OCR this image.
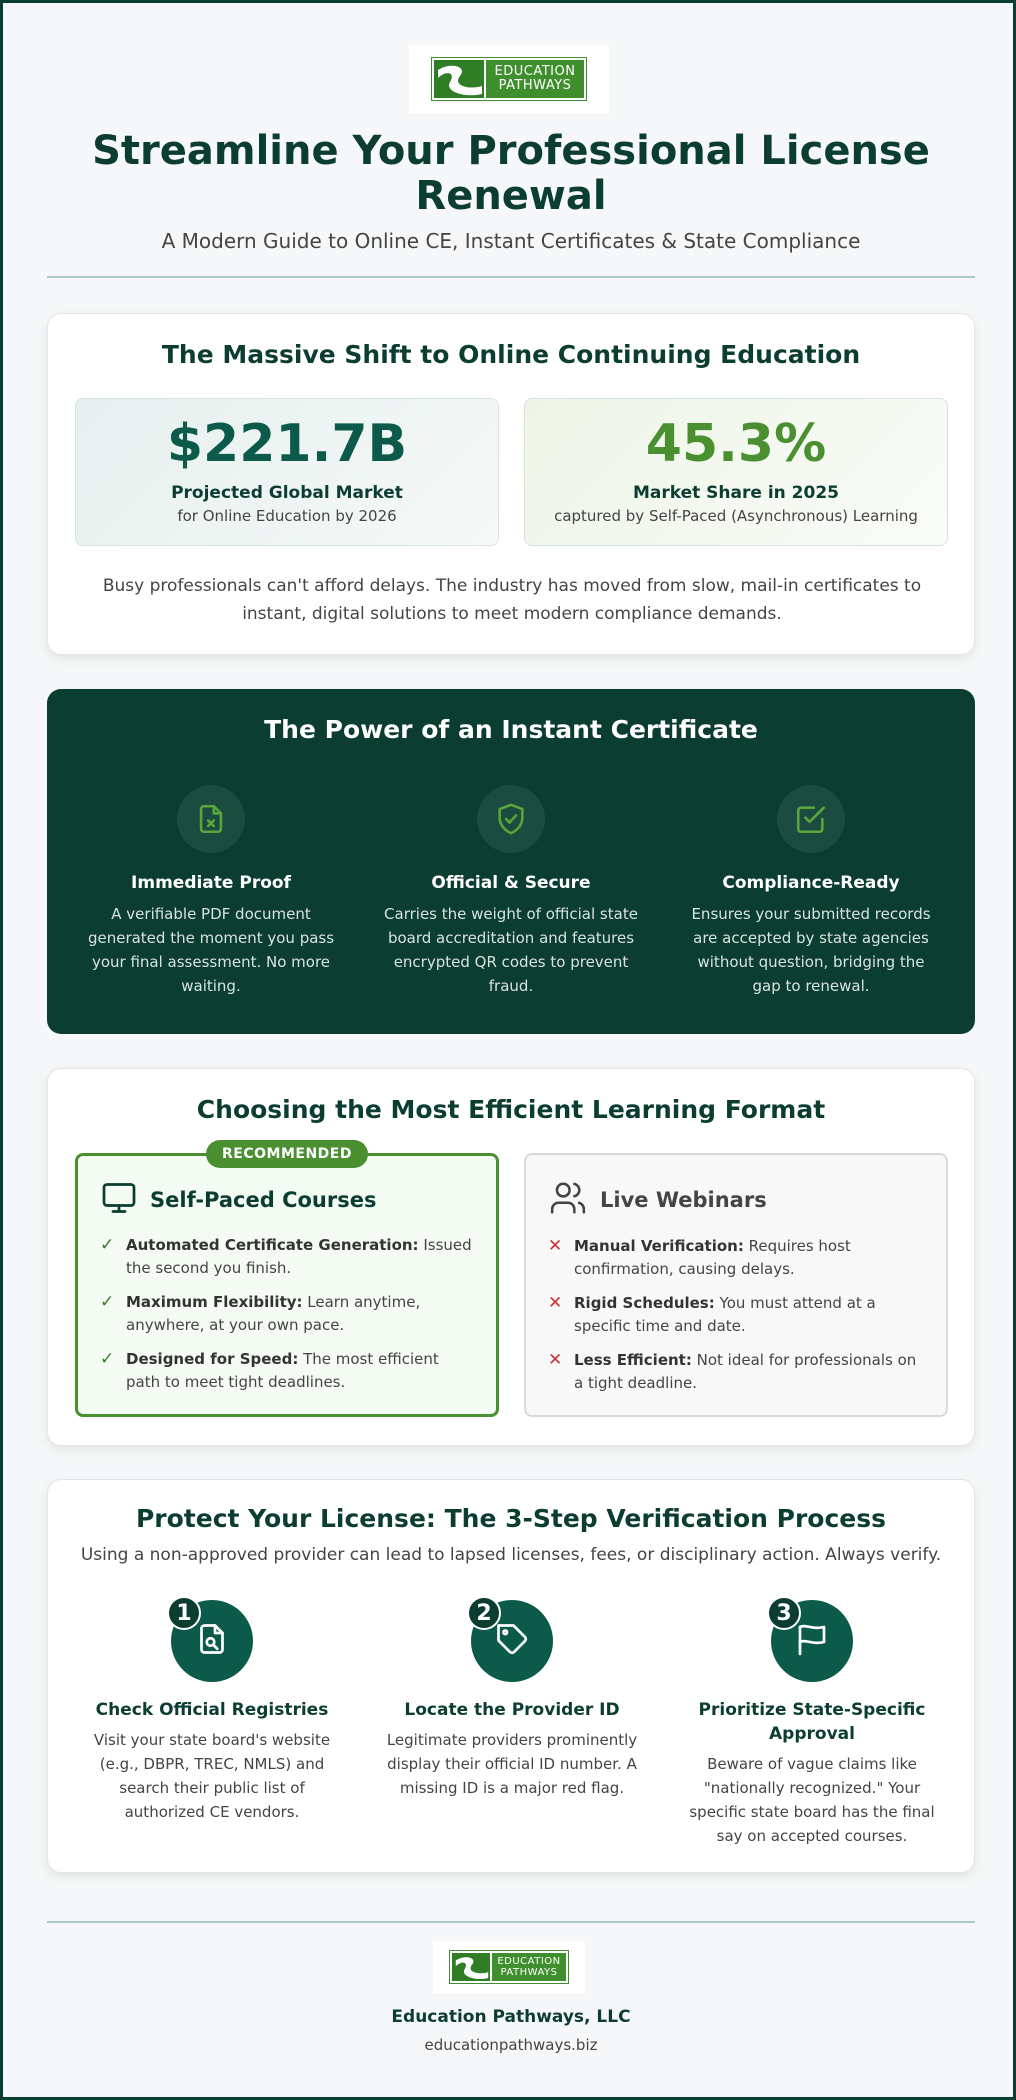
EDUCATION
PATHWAYS
Streamline Your Professional License Renewal
A Modern Guide to Online CE, Instant Certificates & State Compliance
The Massive Shift to Online Continuing Education
$221.7B
Projected Global Market
for Online Education by 2026
45.3%
Market Share in 2025
captured by Self-Paced (Asynchronous) Learning
Busy professionals can't afford delays. The industry has moved from slow, mail-in certificates to instant, digital solutions to meet modern compliance demands.
The Power of an Instant Certificate
Immediate Proof
A verifiable PDF document generated the moment you pass your final assessment. No more waiting.
Official & Secure
Carries the weight of official state board accreditation and features encrypted QR codes to prevent fraud.
Compliance-Ready
Ensures your submitted records are accepted by state agencies without question, bridging the gap to renewal.
Choosing the Most Efficient Learning Format
RECOMMENDED
Self-Paced Courses
✓ Automated Certificate Generation: Issued the second you finish.
✓ Maximum Flexibility: Learn anytime, anywhere, at your own pace.
✓ Designed for Speed: The most efficient path to meet tight deadlines.
Live Webinars
✕ Manual Verification: Requires host confirmation, causing delays.
✕ Rigid Schedules: You must attend at a specific time and date.
✕ Less Efficient: Not ideal for professionals on a tight deadline.
Protect Your License: The 3-Step Verification Process
Using a non-approved provider can lead to lapsed licenses, fees, or disciplinary action. Always verify.
1
Check Official Registries
Visit your state board's website (e.g., DBPR, TREC, NMLS) and search their public list of authorized CE vendors.
2
Locate the Provider ID
Legitimate providers prominently display their official ID number. A missing ID is a major red flag.
3
Prioritize State-Specific Approval
Beware of vague claims like "nationally recognized." Your specific state board has the final say on accepted courses.
EDUCATION
PATHWAYS
Education Pathways, LLC
educationpathways.biz
